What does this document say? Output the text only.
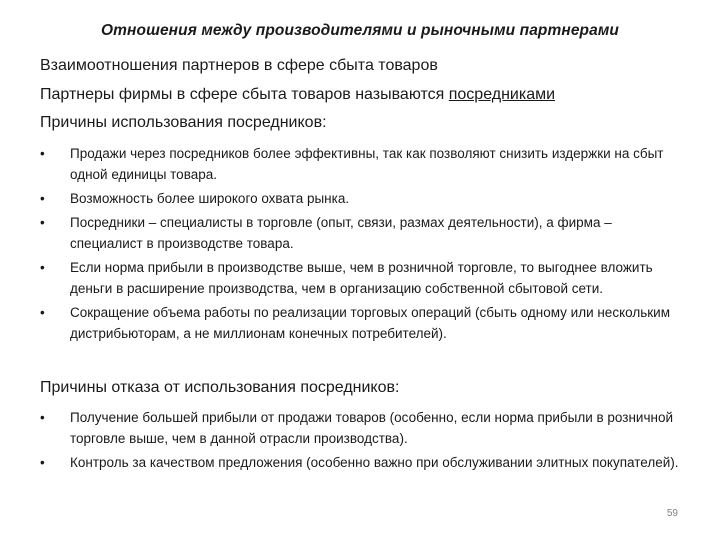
Отношения между производителями и рыночными партнерами
Взаимоотношения партнеров в сфере сбыта товаров
Партнеры фирмы в сфере сбыта товаров называются посредниками
Причины использования посредников:
• Продажи через посредников более эффективны, так как позволяют снизить издержки на сбыт одной единицы товара.
• Возможность более широкого охвата рынка.
• Посредники – специалисты в торговле (опыт, связи, размах деятельности), а фирма – специалист в производстве товара.
• Если норма прибыли в производстве выше, чем в розничной торговле, то выгоднее вложить деньги в расширение производства, чем в организацию собственной сбытовой сети.
• Сокращение объема работы по реализации торговых операций (сбыть одному или нескольким дистрибьюторам, а не миллионам конечных потребителей).
Причины отказа от использования посредников:
• Получение большей прибыли от продажи товаров (особенно, если норма прибыли в розничной торговле выше, чем в данной отрасли производства).
• Контроль за качеством предложения (особенно важно при обслуживании элитных покупателей).
59
